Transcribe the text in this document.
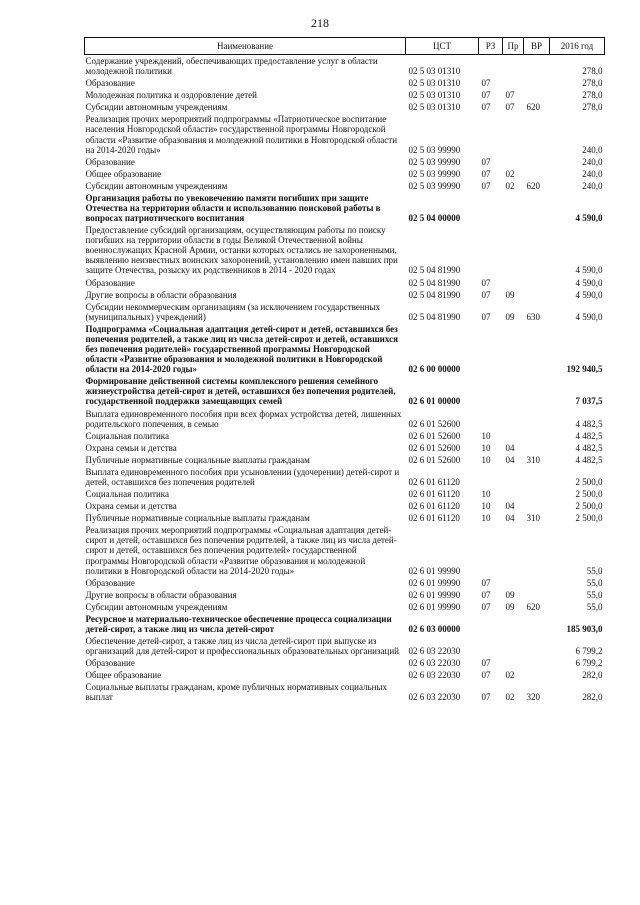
218
Наименование	ЦСТ	РЗ	Пр	ВР	2016 год
Содержание учреждений, обеспечивающих предоставление услуг в области молодежной политики	02 5 03 01310				278,0
Образование	02 5 03 01310	07			278,0
Молодежная политика и оздоровление детей	02 5 03 01310	07	07		278,0
Субсидии автономным учреждениям	02 5 03 01310	07	07	620	278,0
Реализация прочих мероприятий подпрограммы «Патриотическое воспитание населения Новгородской области» государственной программы Новгородской области «Развитие образования и молодежной политики в Новгородской области на 2014-2020 годы»	02 5 03 99990				240,0
Образование	02 5 03 99990	07			240,0
Общее образование	02 5 03 99990	07	02		240,0
Субсидии автономным учреждениям	02 5 03 99990	07	02	620	240,0
Организация работы по увековечению памяти погибших при защите Отечества на территории области и использованию поисковой работы в вопросах патриотического воспитания	02 5 04 00000				4 590,0
Предоставление субсидий организациям, осуществляющим работы по поиску погибших на территории области в годы Великой Отечественной войны военнослужащих Красной Армии, останки которых остались не захороненными, выявлению неизвестных воинских захоронений, установлению имен павших при защите Отечества, розыску их родственников в 2014 - 2020 годах	02 5 04 81990				4 590,0
Образование	02 5 04 81990	07			4 590,0
Другие вопросы в области образования	02 5 04 81990	07	09		4 590,0
Субсидии некоммерческим организациям (за исключением государственных (муниципальных) учреждений)	02 5 04 81990	07	09	630	4 590,0
Подпрограмма «Социальная адаптация детей-сирот и детей, оставшихся без попечения родителей, а также лиц из числа детей-сирот и детей, оставшихся без попечения родителей» государственной программы Новгородской области «Развитие образования и молодежной политики в Новгородской области на 2014-2020 годы»	02 6 00 00000				192 940,5
Формирование действенной системы комплексного решения семейного жизнеустройства детей-сирот и детей, оставшихся без попечения родителей, государственной поддержки замещающих семей	02 6 01 00000				7 037,5
Выплата единовременного пособия при всех формах устройства детей, лишенных родительского попечения, в семью	02 6 01 52600				4 482,5
Социальная политика	02 6 01 52600	10			4 482,5
Охрана семьи и детства	02 6 01 52600	10	04		4 482,5
Публичные нормативные социальные выплаты гражданам	02 6 01 52600	10	04	310	4 482,5
Выплата единовременного пособия при усыновлении (удочерении) детей-сирот и детей, оставшихся без попечения родителей	02 6 01 61120				2 500,0
Социальная политика	02 6 01 61120	10			2 500,0
Охрана семьи и детства	02 6 01 61120	10	04		2 500,0
Публичные нормативные социальные выплаты гражданам	02 6 01 61120	10	04	310	2 500,0
Реализация прочих мероприятий подпрограммы «Социальная адаптация детей-сирот и детей, оставшихся без попечения родителей, а также лиц из числа детей-сирот и детей, оставшихся без попечения родителей» государственной программы Новгородской области «Развитие образования и молодежной политики в Новгородской области на 2014-2020 годы»	02 6 01 99990				55,0
Образование	02 6 01 99990	07			55,0
Другие вопросы в области образования	02 6 01 99990	07	09		55,0
Субсидии автономным учреждениям	02 6 01 99990	07	09	620	55,0
Ресурсное и материально-техническое обеспечение процесса социализации детей-сирот, а также лиц из числа детей-сирот	02 6 03 00000				185 903,0
Обеспечение детей-сирот, а также лиц из числа детей-сирот при выпуске из организаций для детей-сирот и профессиональных образовательных организаций	02 6 03 22030				6 799,2
Образование	02 6 03 22030	07			6 799,2
Общее образование	02 6 03 22030	07	02		282,0
Социальные выплаты гражданам, кроме публичных нормативных социальных выплат	02 6 03 22030	07	02	320	282,0
